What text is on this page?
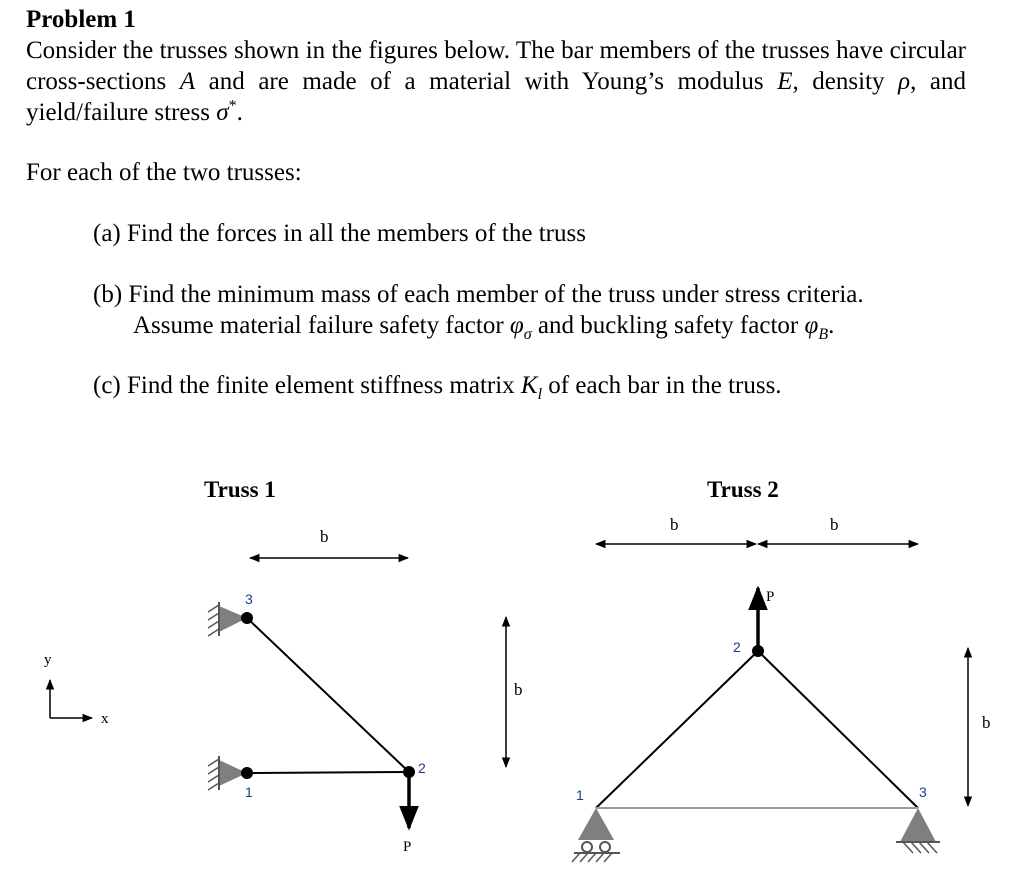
Problem 1
Consider the trusses shown in the figures below. The bar members of the trusses have circular cross-sections A and are made of a material with Young’s modulus E, density ρ, and yield/failure stress σ*.
For each of the two trusses:
(a) Find the forces in all the members of the truss
(b) Find the minimum mass of each member of the truss under stress criteria.
Assume material failure safety factor $\varphi_\sigma$ and buckling safety factor $\varphi_B$.
(c) Find the finite element stiffness matrix $K_l$ of each bar in the truss.
y
x
Truss 1
b
b
P
3
1
2
Truss 2
b	b
b
P
2
1	3
